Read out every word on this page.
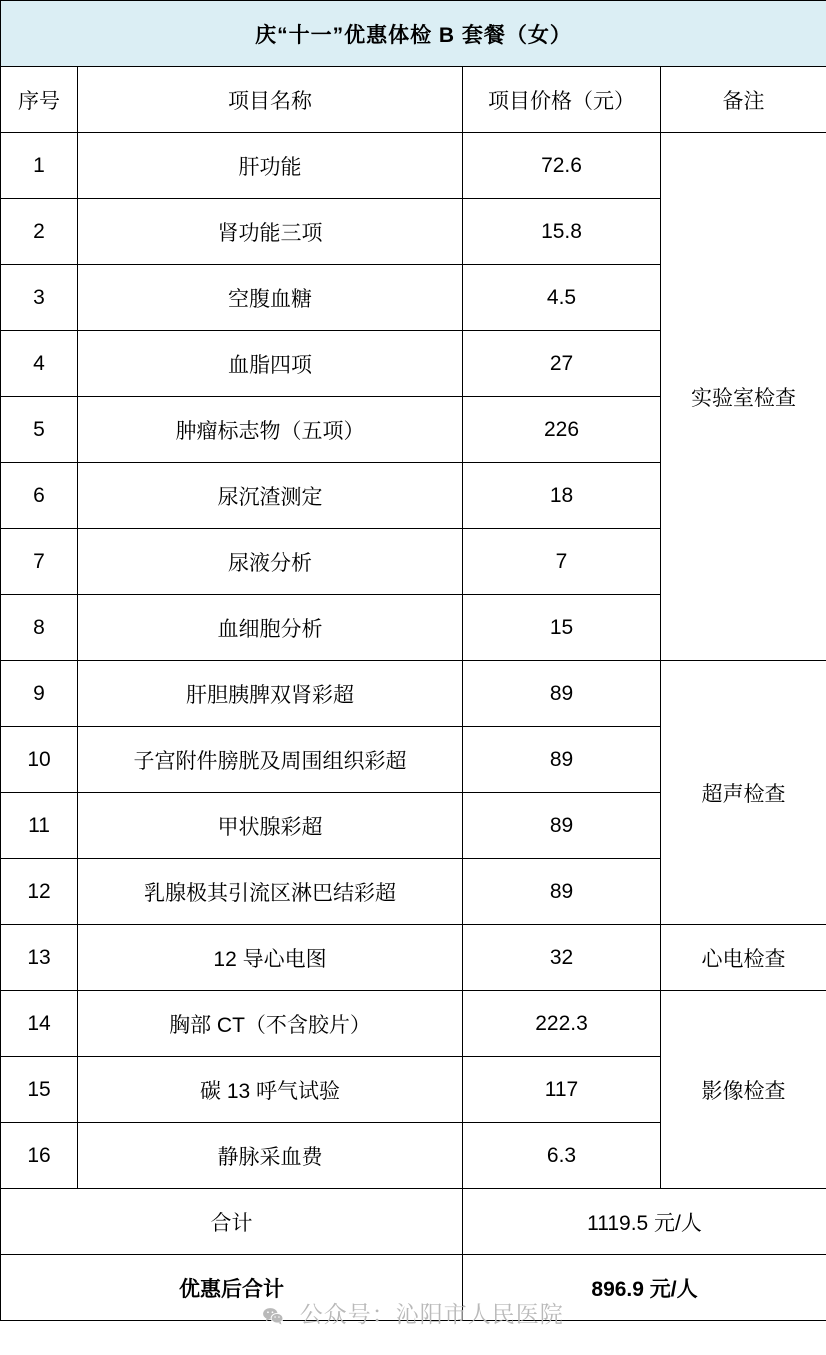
庆“十一”优惠体检 B 套餐（女）			
序号	项目名称	项目价格（元）	备注
1	肝功能	72.6	实验室检查
2	肾功能三项	15.8	
3	空腹血糖	4.5	
4	血脂四项	27	
5	肿瘤标志物（五项）	226	
6	尿沉渣测定	18	
7	尿液分析	7	
8	血细胞分析	15	
9	肝胆胰脾双肾彩超	89	超声检查
10	子宫附件膀胱及周围组织彩超	89	
11	甲状腺彩超	89	
12	乳腺极其引流区淋巴结彩超	89	
13	12 导心电图	32	心电检查
14	胸部 CT（不含胶片）	222.3	影像检查
15	碳 13 呼气试验	117	
16	静脉采血费	6.3	
合计		1119.5 元/人	
优惠后合计		896.9 元/人	
公众号：沁阳市人民医院
